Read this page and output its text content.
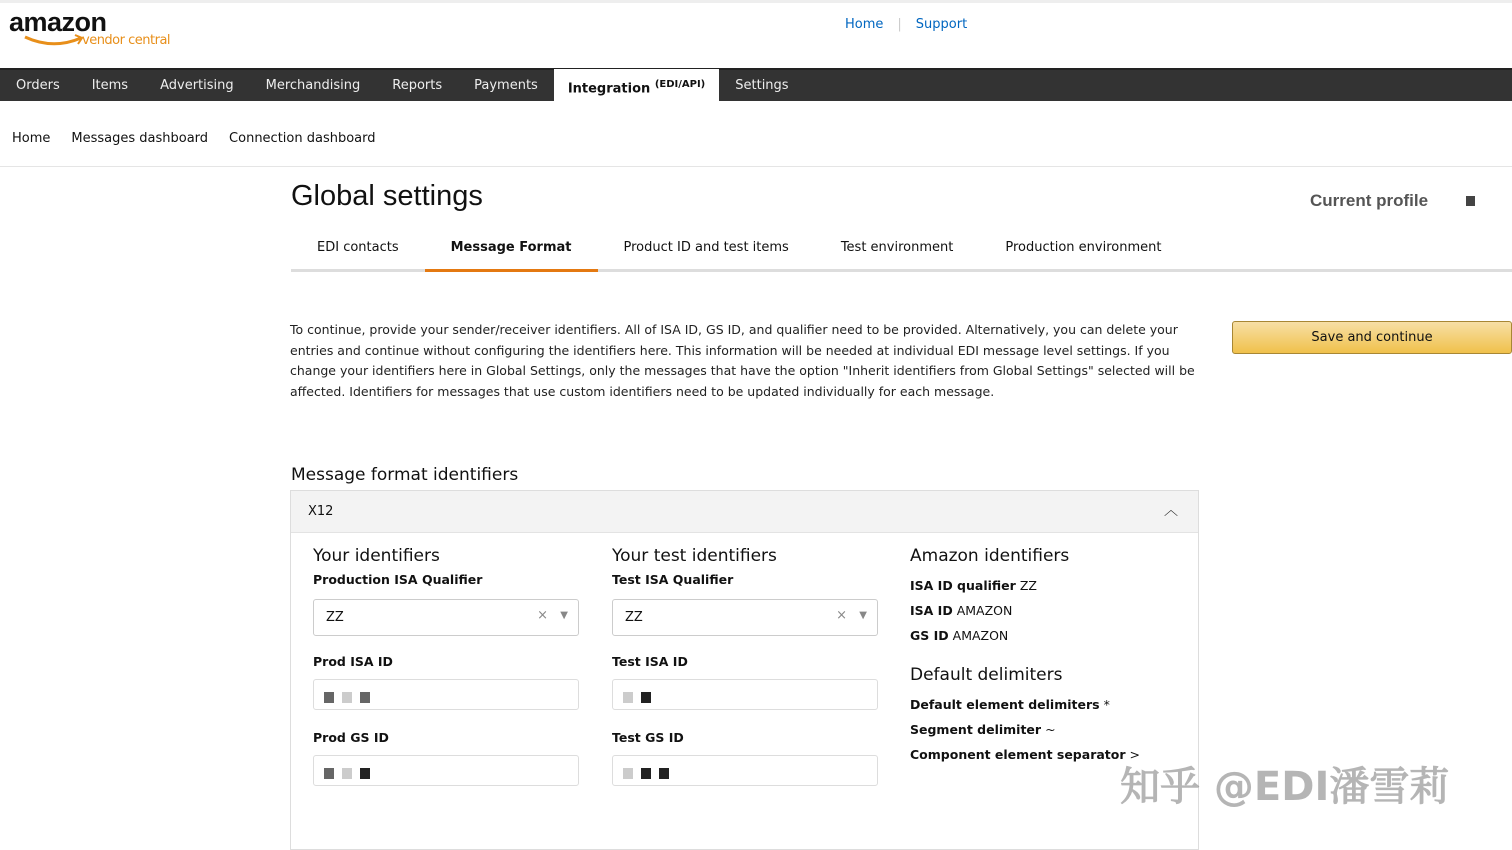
amazon
vendor central
Home | Support
Orders	Items	Advertising	Merchandising	Reports	Payments	Integration $^{(EDI/API)}$	Settings
Home Messages dashboard Connection dashboard
Global settings	Current profile
EDI contacts	Message Format	Product ID and test items	Test environment	Production environment

To continue, provide your sender/receiver identifiers. All of ISA ID, GS ID, and qualifier need to be provided. Alternatively, you can delete your entries and continue without configuring the identifiers here. This information will be needed at individual EDI message level settings. If you change your identifiers here in Global Settings, only the messages that have the option "Inherit identifiers from Global Settings" selected will be affected. Identifiers for messages that use custom identifiers need to be updated individually for each message.

Save and continue
Message format identifiers
X12	︿
Your identifiers
Production ISA Qualifier
ZZ	× ▼
Prod ISA ID
Prod GS ID
Your test identifiers
Test ISA Qualifier
ZZ	× ▼
Test ISA ID
Test GS ID
Amazon identifiers
ISA ID qualifier ZZ
ISA ID AMAZON
GS ID AMAZON
Default delimiters
Default element delimiters *
Segment delimiter ~
Component element separator >
知乎 @EDI潘雪莉
